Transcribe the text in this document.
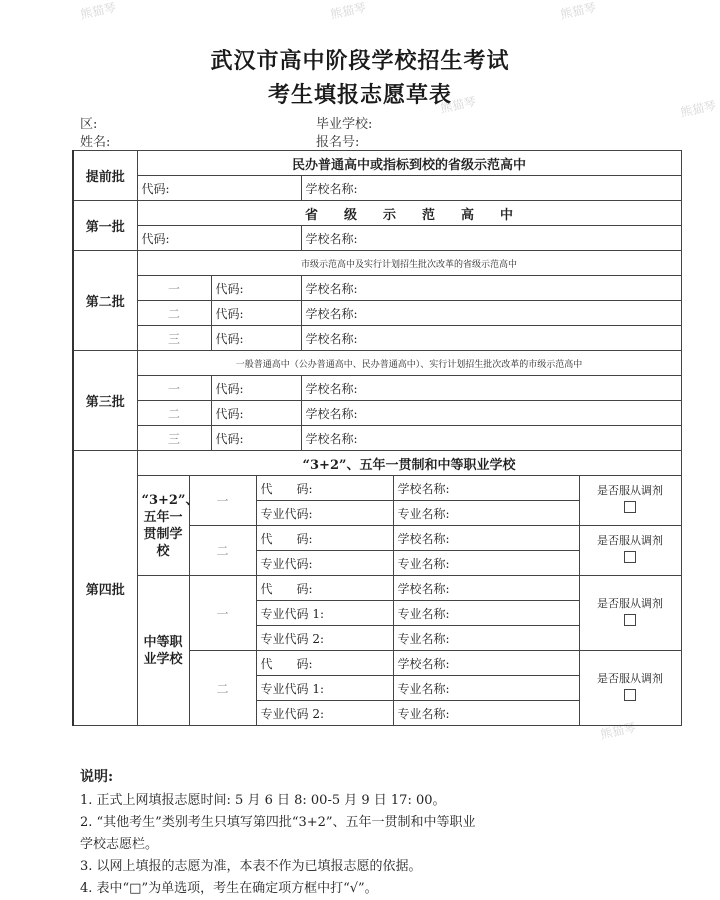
熊猫琴	熊猫琴	熊猫琴
熊猫琴	熊猫琴
熊猫琴
武汉市高中阶段学校招生考试
考生填报志愿草表
区:
姓名:
毕业学校:
报名号:
提前批	民办普通高中或指标到校的省级示范高中						
	代码:				学校名称:		
第一批	省　　级　　示　　范　　高　　中						
	代码:				学校名称:		
第二批	市级示范高中及实行计划招生批次改革的省级示范高中						
	一		代码:		学校名称:		
	二		代码:		学校名称:		
	三		代码:		学校名称:		
第三批	一般普通高中（公办普通高中、民办普通高中）、实行计划招生批次改革的市级示范高中						
	一		代码:		学校名称:		
	二		代码:		学校名称:		
	三		代码:		学校名称:		
第四批	“3+2”、五年一贯制和中等职业学校						
	“3+2”、五年一贯制学校	一		代　　码:		学校名称:	是否服从调剂

				专业代码:		专业名称:	
		二		代　　码:		学校名称:	是否服从调剂

				专业代码:		专业名称:	
	中等职业学校	一		代　　码:		学校名称:	是否服从调剂

				专业代码 1:		专业名称:	
				专业代码 2:		专业名称:	
		二		代　　码:		学校名称:	是否服从调剂

				专业代码 1:		专业名称:	
				专业代码 2:		专业名称:	
说明:
1. 正式上网填报志愿时间: 5 月 6 日 8: 00-5 月 9 日 17: 00。
2. “其他考生”类别考生只填写第四批“3+2”、五年一贯制和中等职业
学校志愿栏。
3. 以网上填报的志愿为准，本表不作为已填报志愿的依据。
4. 表中“□”为单选项，考生在确定项方框中打“√”。
